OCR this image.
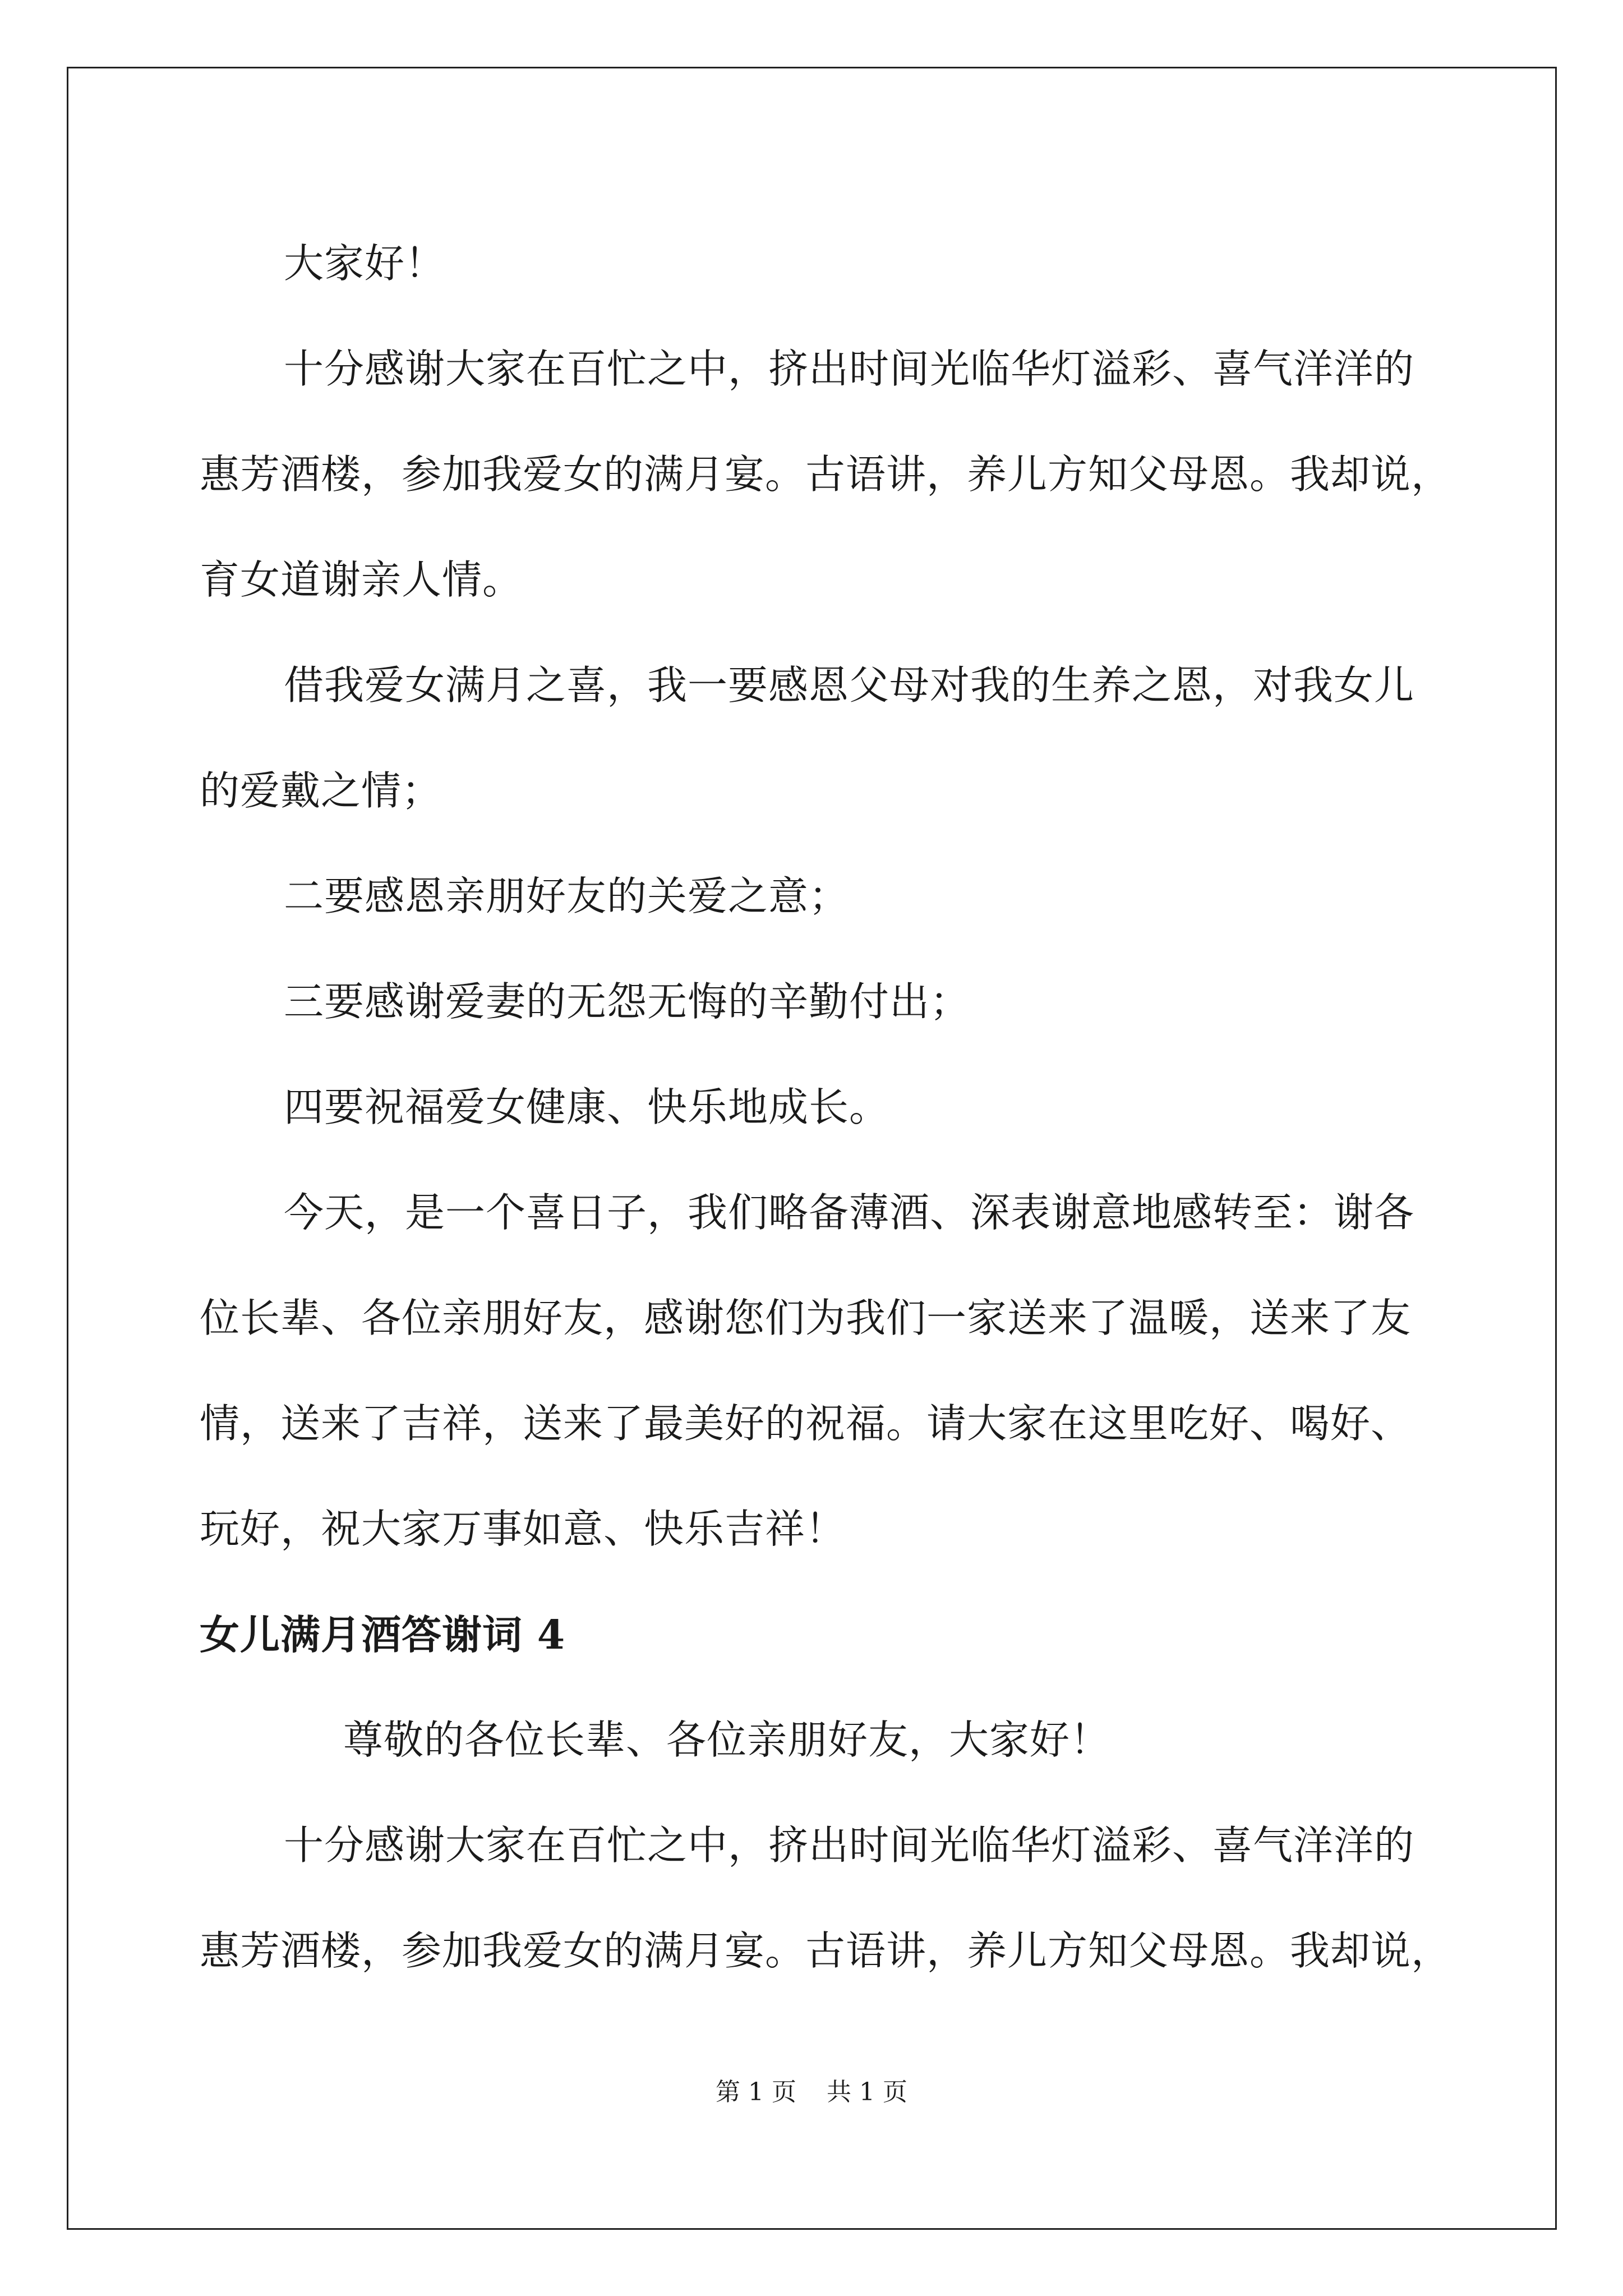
大家好！

十分感谢大家在百忙之中，挤出时间光临华灯溢彩、喜气洋洋的

惠芳酒楼，参加我爱女的满月宴。古语讲，养儿方知父母恩。我却说，

育女道谢亲人情。

借我爱女满月之喜，我一要感恩父母对我的生养之恩，对我女儿

的爱戴之情；

二要感恩亲朋好友的关爱之意；

三要感谢爱妻的无怨无悔的辛勤付出；

四要祝福爱女健康、快乐地成长。

今天，是一个喜日子，我们略备薄酒、深表谢意地感转至：谢各

位长辈、各位亲朋好友，感谢您们为我们一家送来了温暖，送来了友

情，送来了吉祥，送来了最美好的祝福。请大家在这里吃好、喝好、

玩好，祝大家万事如意、快乐吉祥！

女儿满月酒答谢词 4

尊敬的各位长辈、各位亲朋好友，大家好！

十分感谢大家在百忙之中，挤出时间光临华灯溢彩、喜气洋洋的

惠芳酒楼，参加我爱女的满月宴。古语讲，养儿方知父母恩。我却说，

第 1 页 共 1 页
